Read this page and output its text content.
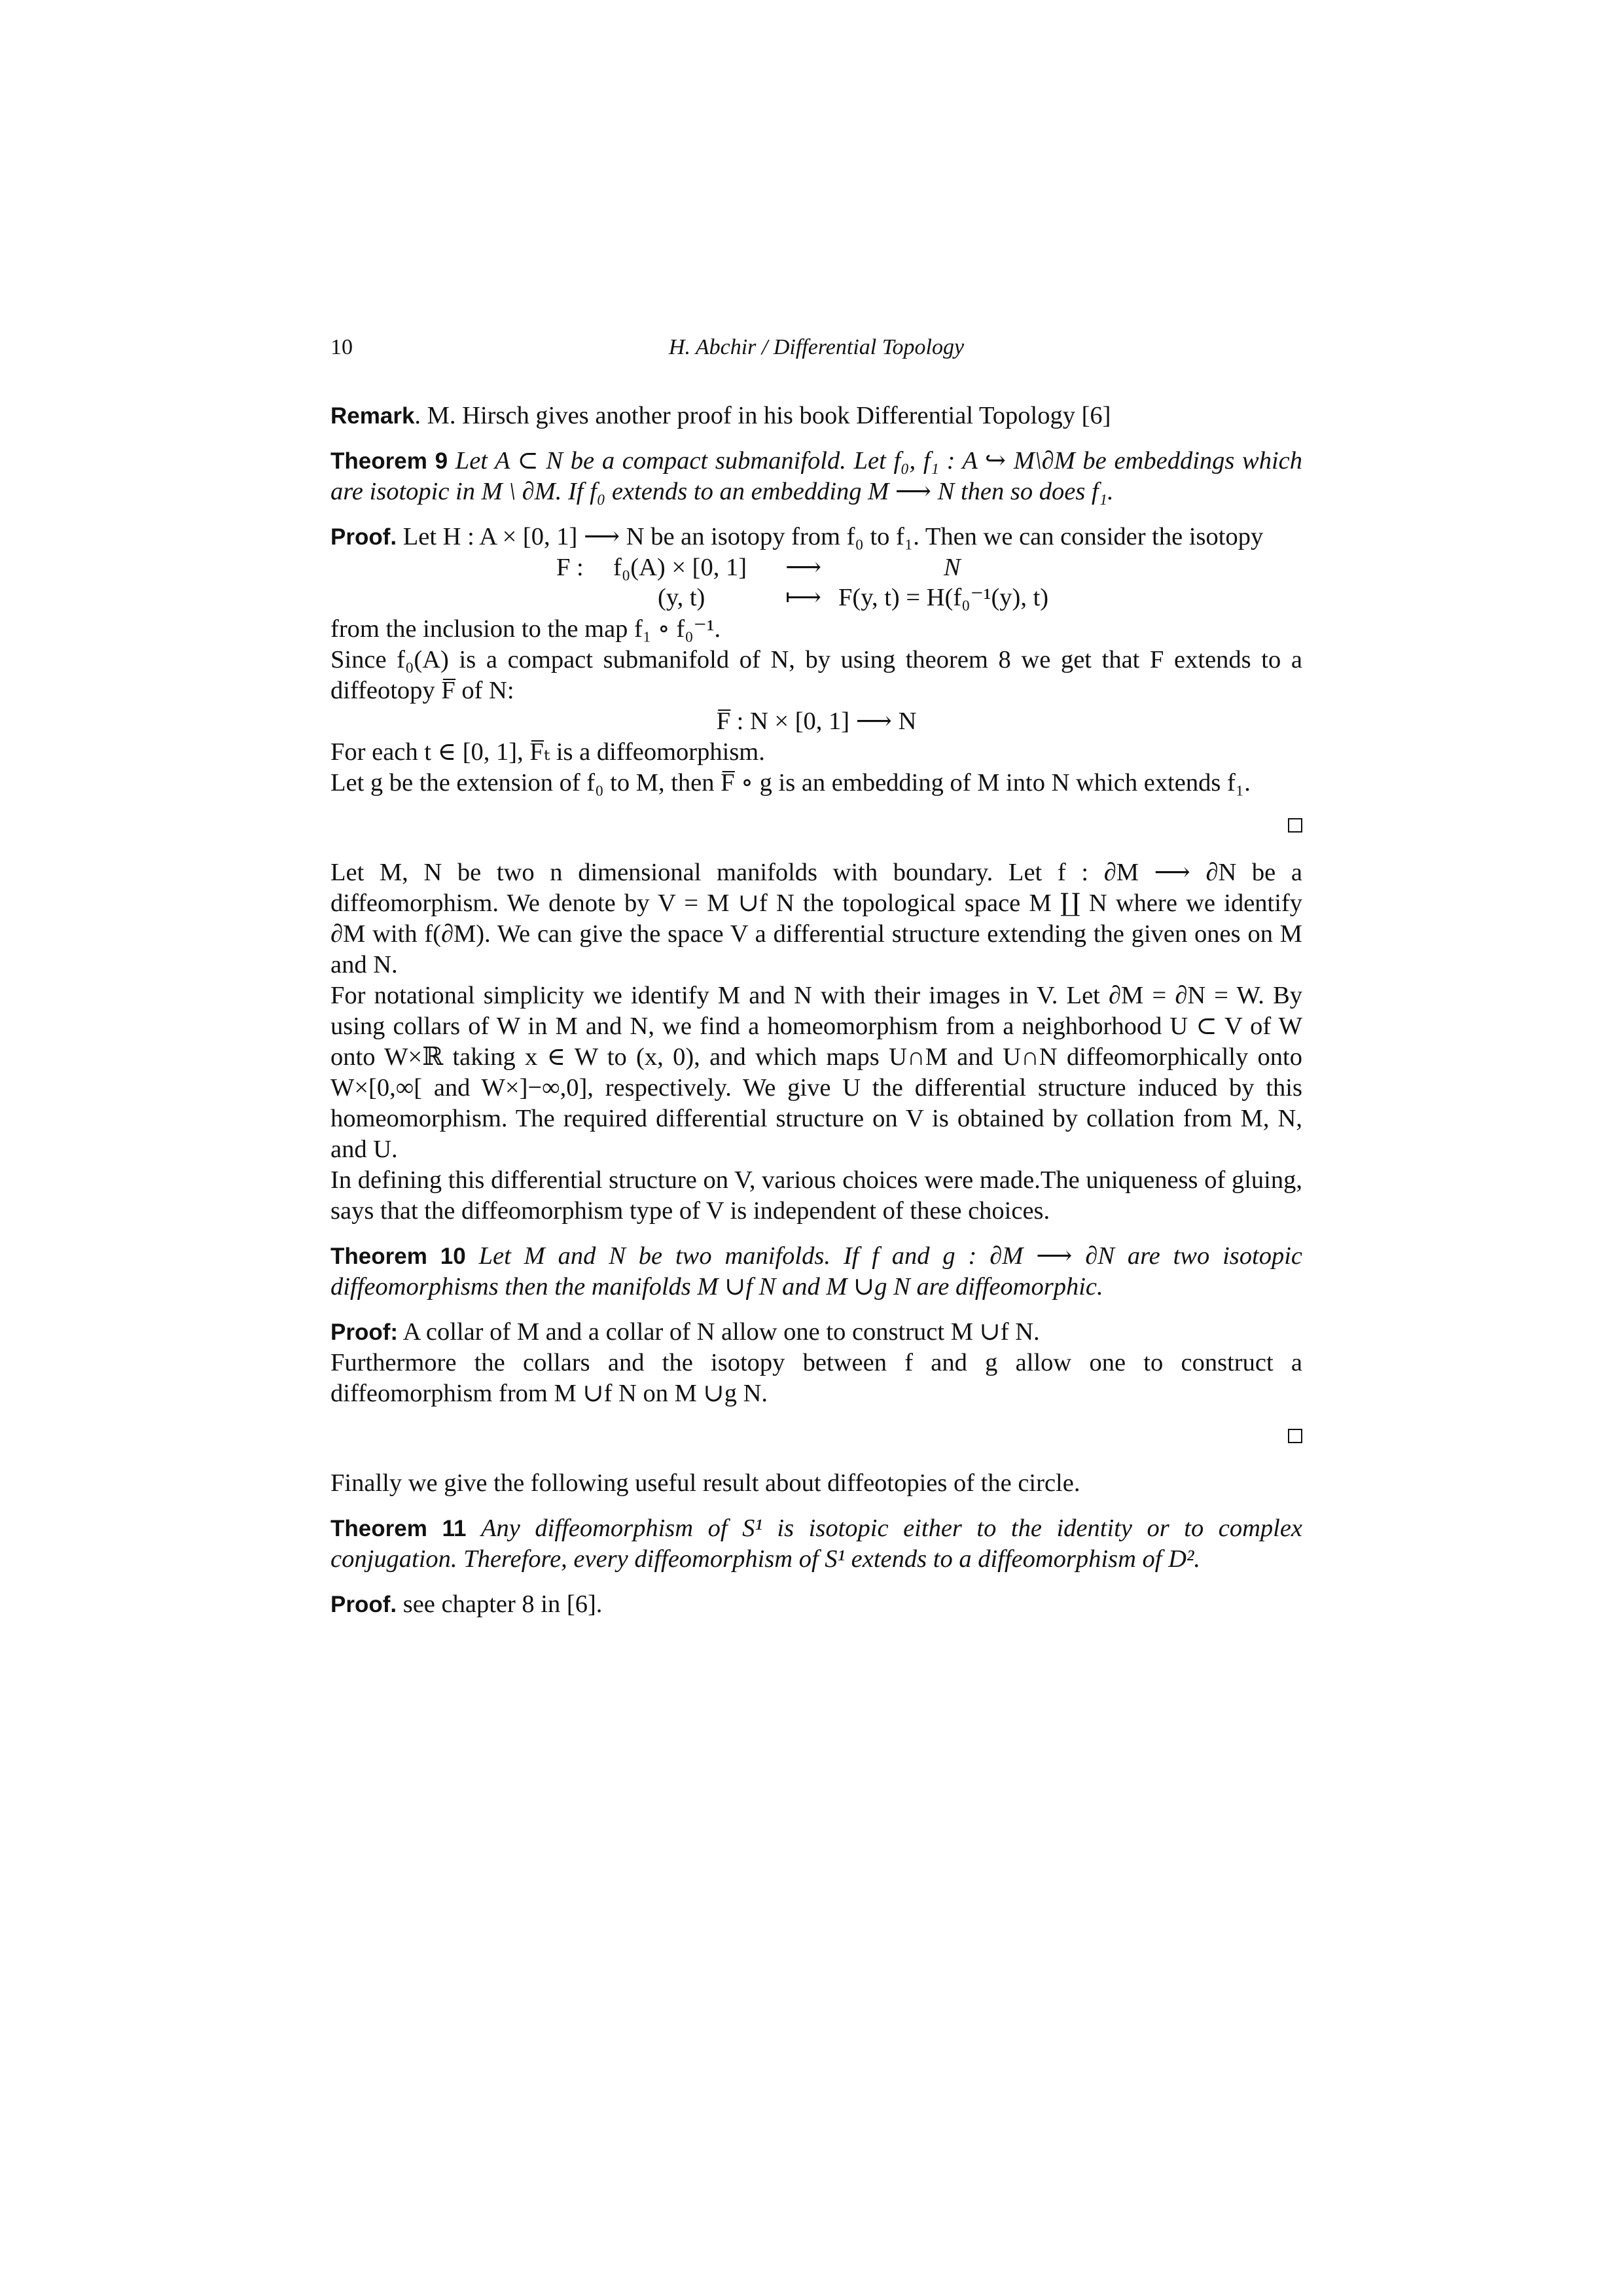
10	H. Abchir / Differential Topology

Remark. M. Hirsch gives another proof in his book Differential Topology [6]

Theorem 9 Let A ⊂ N be a compact submanifold. Let f₀, f₁ : A ↪ M\∂M be embeddings which are isotopic in M \ ∂M. If f₀ extends to an embedding M ⟶ N then so does f₁.

Proof. Let H : A × [0, 1] ⟶ N be an isotopy from f₀ to f₁. Then we can consider the isotopy

F : f₀(A) × [0, 1] ⟶	N
(y, t)	⟼ F(y, t) = H(f₀⁻¹(y), t)

from the inclusion to the map f₁ ∘ f₀⁻¹.

Since f₀(A) is a compact submanifold of N, by using theorem 8 we get that F extends to a diffeotopy F̅ of N:

F̅ : N × [0, 1] ⟶ N

For each t ∈ [0, 1], F̅ₜ is a diffeomorphism.

Let g be the extension of f₀ to M, then F̅ ∘ g is an embedding of M into N which extends f₁.

Let M, N be two n dimensional manifolds with boundary. Let f : ∂M ⟶ ∂N be a diffeomorphism. We denote by V = M ∪f N the topological space M ∐ N where we identify ∂M with f(∂M). We can give the space V a differential structure extending the given ones on M and N.

For notational simplicity we identify M and N with their images in V. Let ∂M = ∂N = W. By using collars of W in M and N, we find a homeomorphism from a neighborhood U ⊂ V of W onto W×ℝ taking x ∈ W to (x, 0), and which maps U∩M and U∩N diffeomorphically onto W×[0,∞[ and W×]−∞,0], respectively. We give U the differential structure induced by this homeomorphism. The required differential structure on V is obtained by collation from M, N, and U.

In defining this differential structure on V, various choices were made.The uniqueness of gluing, says that the diffeomorphism type of V is independent of these choices.

Theorem 10 Let M and N be two manifolds. If f and g : ∂M ⟶ ∂N are two isotopic diffeomorphisms then the manifolds M ∪f N and M ∪g N are diffeomorphic.

Proof: A collar of M and a collar of N allow one to construct M ∪f N.

Furthermore the collars and the isotopy between f and g allow one to construct a diffeomorphism from M ∪f N on M ∪g N.

Finally we give the following useful result about diffeotopies of the circle.

Theorem 11 Any diffeomorphism of S¹ is isotopic either to the identity or to complex conjugation. Therefore, every diffeomorphism of S¹ extends to a diffeomorphism of D².

Proof. see chapter 8 in [6].
